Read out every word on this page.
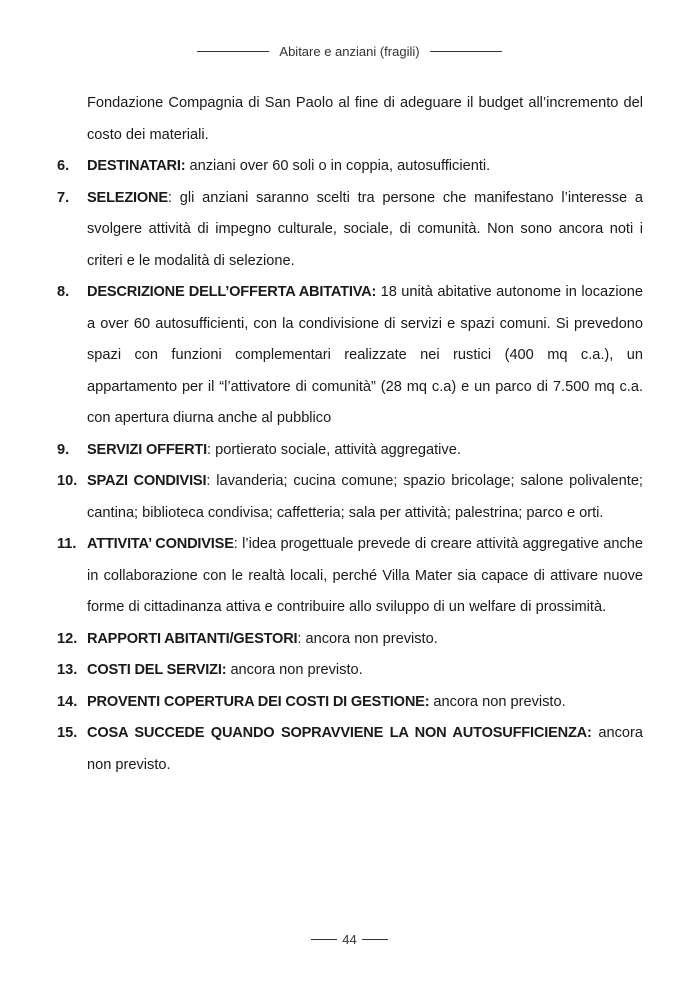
Abitare e anziani (fragili)
Fondazione Compagnia di San Paolo al fine di adeguare il budget all’incremento del costo dei materiali.
6.	DESTINATARI: anziani over 60 soli o in coppia, autosufficienti.
7.	SELEZIONE: gli anziani saranno scelti tra persone che manifestano l’interesse a svolgere attività di impegno culturale, sociale, di comunità. Non sono ancora noti i criteri e le modalità di selezione.
8.	DESCRIZIONE DELL’OFFERTA ABITATIVA: 18 unità abitative autonome in locazione a over 60 autosufficienti, con la condivisione di servizi e spazi comuni. Si prevedono spazi con funzioni complementari realizzate nei rustici (400 mq c.a.), un appartamento per il “l’attivatore di comunità” (28 mq c.a) e un parco di 7.500 mq c.a. con apertura diurna anche al pubblico
9.	SERVIZI OFFERTI: portierato sociale, attività aggregative.
10. SPAZI CONDIVISI: lavanderia; cucina comune; spazio bricolage; salone polivalente; cantina; biblioteca condivisa; caffetteria; sala per attività; palestrina; parco e orti.
11. ATTIVITA’ CONDIVISE: l’idea progettuale prevede di creare attività aggregative anche in collaborazione con le realtà locali, perché Villa Mater sia capace di attivare nuove forme di cittadinanza attiva e contribuire allo sviluppo di un welfare di prossimità.
12. RAPPORTI ABITANTI/GESTORI: ancora non previsto.
13. COSTI DEL SERVIZI: ancora non previsto.
14. PROVENTI COPERTURA DEI COSTI DI GESTIONE: ancora non previsto.
15. COSA SUCCEDE QUANDO SOPRAVVIENE LA NON AUTOSUFFICIENZA: ancora non previsto.
44
